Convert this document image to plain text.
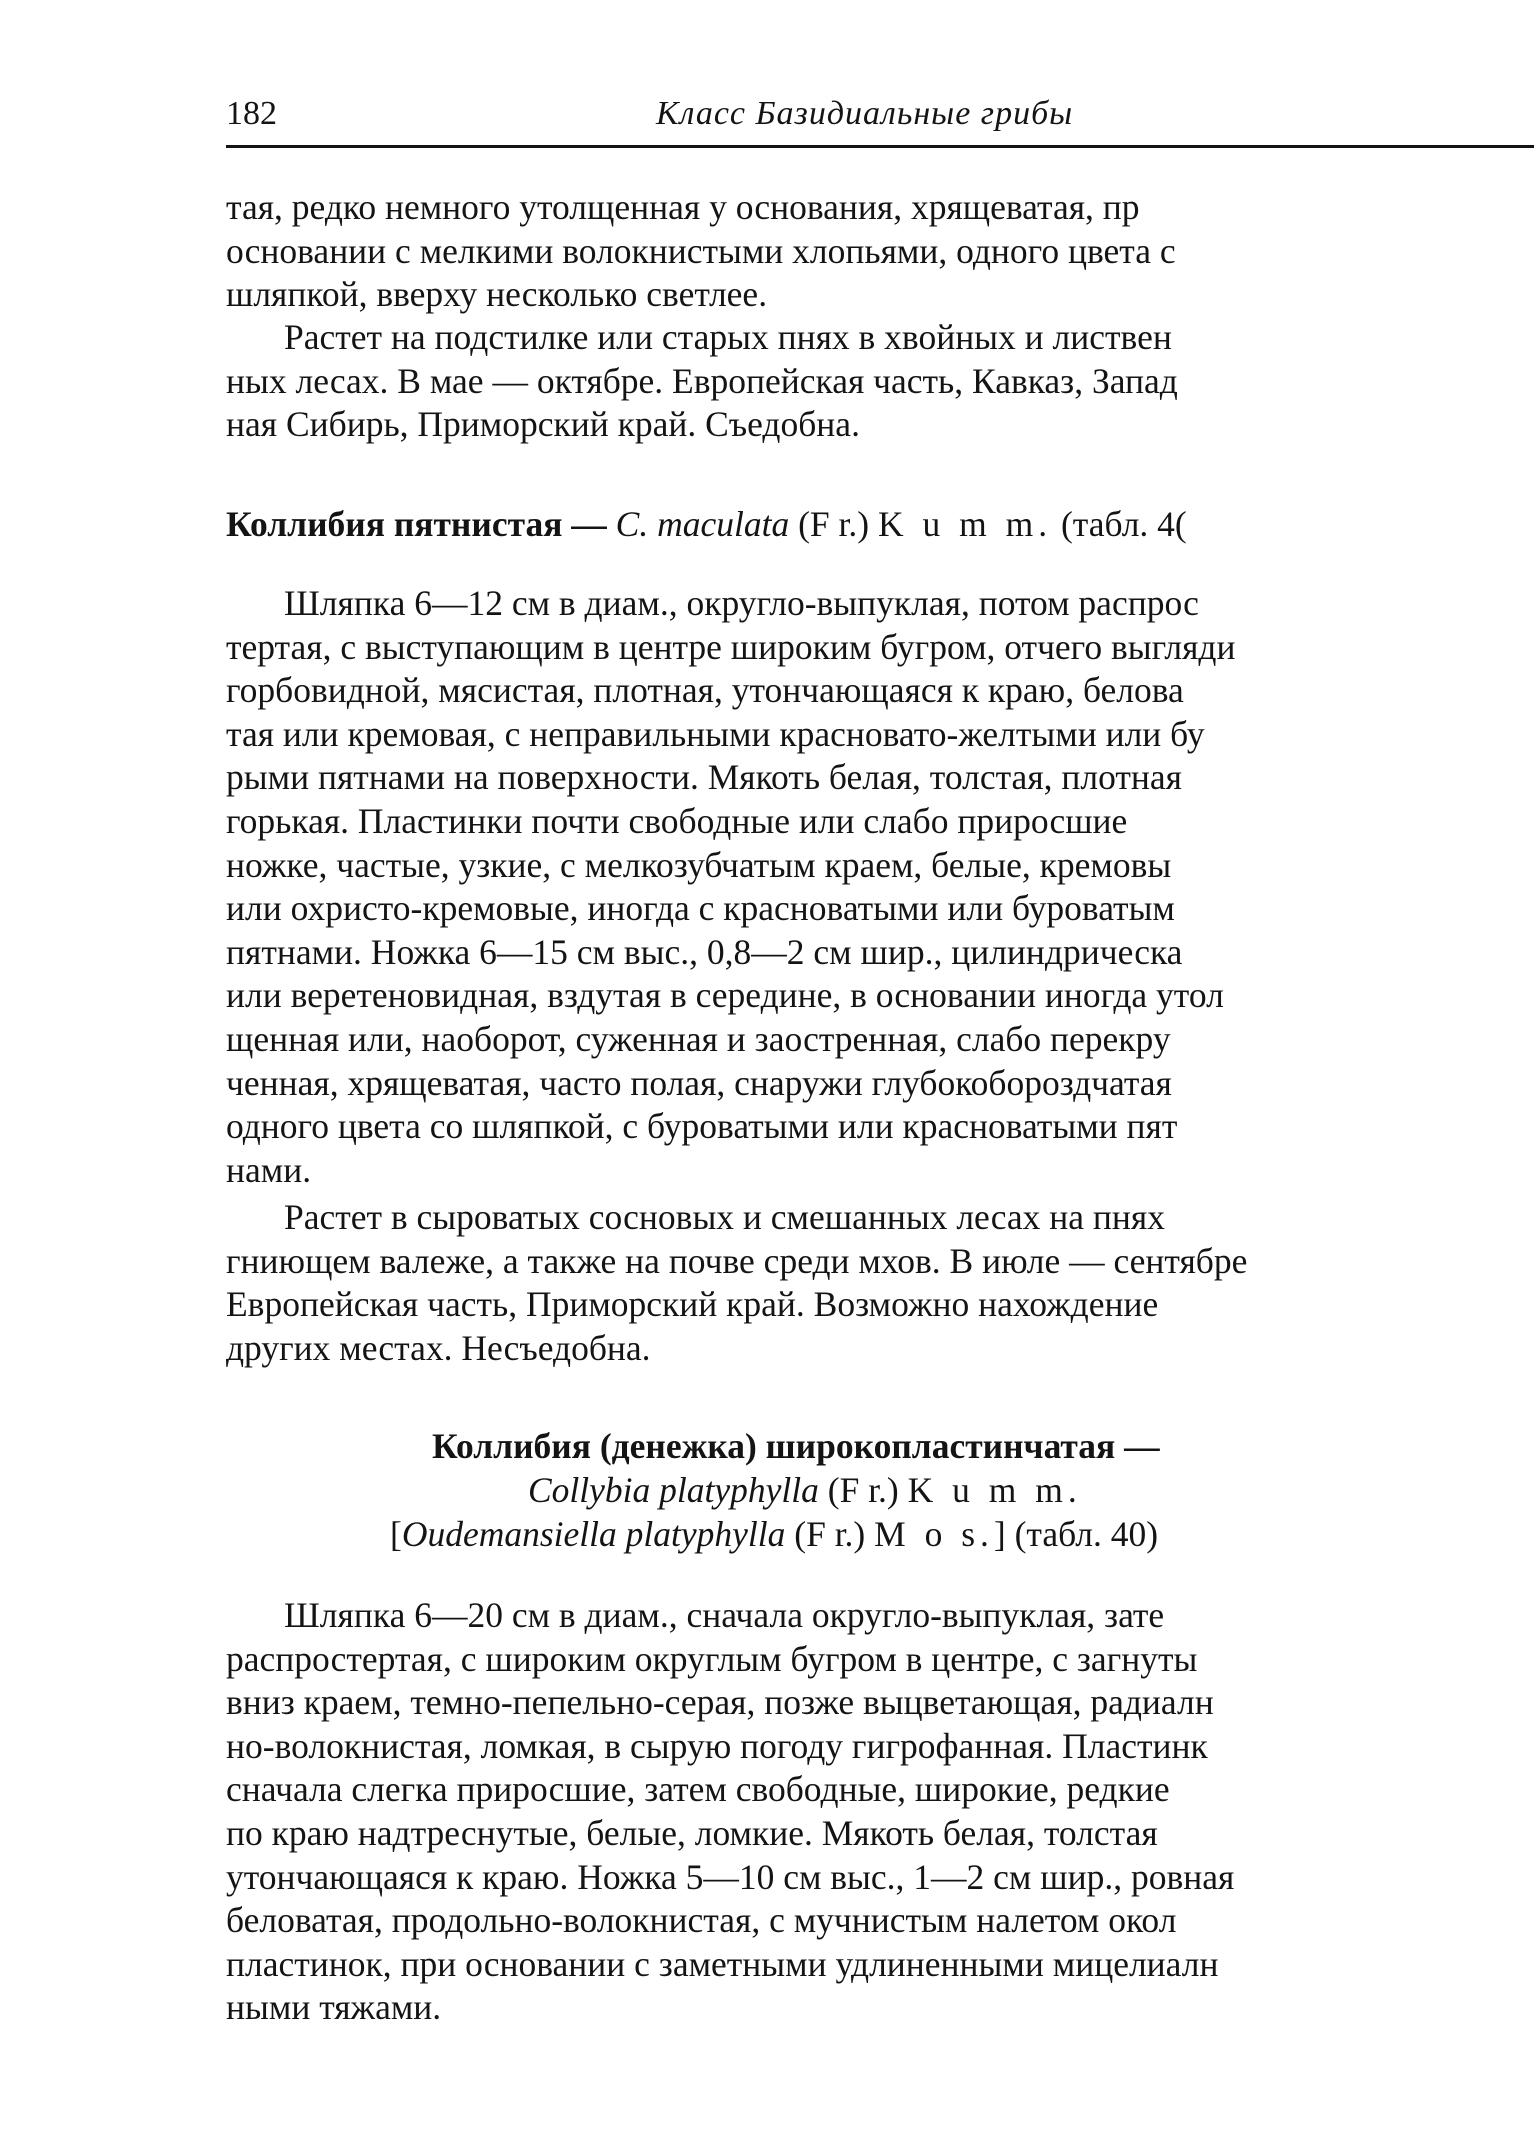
182	Класс Базидиальные грибы
тая, редко немного утолщенная у основания, хрящеватая, пр
основании с мелкими волокнистыми хлопьями, одного цвета с
шляпкой, вверху несколько светлее.
Растет на подстилке или старых пнях в хвойных и листвен
ных лесах. В мае — октябре. Европейская часть, Кавказ, Запад
ная Сибирь, Приморский край. Съедобна.
Коллибия пятнистая — C. maculata (F r.) K u m m. (табл. 4(
Шляпка 6—12 см в диам., округло-выпуклая, потом распрос
тертая, с выступающим в центре широким бугром, отчего выгляди
горбовидной, мясистая, плотная, утончающаяся к краю, белова
тая или кремовая, с неправильными красновато-желтыми или бу
рыми пятнами на поверхности. Мякоть белая, толстая, плотная
горькая. Пластинки почти свободные или слабо приросшие
ножке, частые, узкие, с мелкозубчатым краем, белые, кремовы
или охристо-кремовые, иногда с красноватыми или буроватым
пятнами. Ножка 6—15 см выс., 0,8—2 см шир., цилиндрическа
или веретеновидная, вздутая в середине, в основании иногда утол
щенная или, наоборот, суженная и заостренная, слабо перекру
ченная, хрящеватая, часто полая, снаружи глубокобороздчатая
одного цвета со шляпкой, с буроватыми или красноватыми пят
нами.
Растет в сыроватых сосновых и смешанных лесах на пнях
гниющем валеже, а также на почве среди мхов. В июле — сентябре
Европейская часть, Приморский край. Возможно нахождение
других местах. Несъедобна.
Коллибия (денежка) широкопластинчатая —
Collybia platyphylla (F r.) K u m m.
[Oudemansiella platyphylla (F r.) M o s.] (табл. 40)
Шляпка 6—20 см в диам., сначала округло-выпуклая, зате
распростертая, с широким округлым бугром в центре, с загнуты
вниз краем, темно-пепельно-серая, позже выцветающая, радиалн
но-волокнистая, ломкая, в сырую погоду гигрофанная. Пластинк
сначала слегка приросшие, затем свободные, широкие, редкие
по краю надтреснутые, белые, ломкие. Мякоть белая, толстая
утончающаяся к краю. Ножка 5—10 см выс., 1—2 см шир., ровная
беловатая, продольно-волокнистая, с мучнистым налетом окол
пластинок, при основании с заметными удлиненными мицелиалн
ными тяжами.
